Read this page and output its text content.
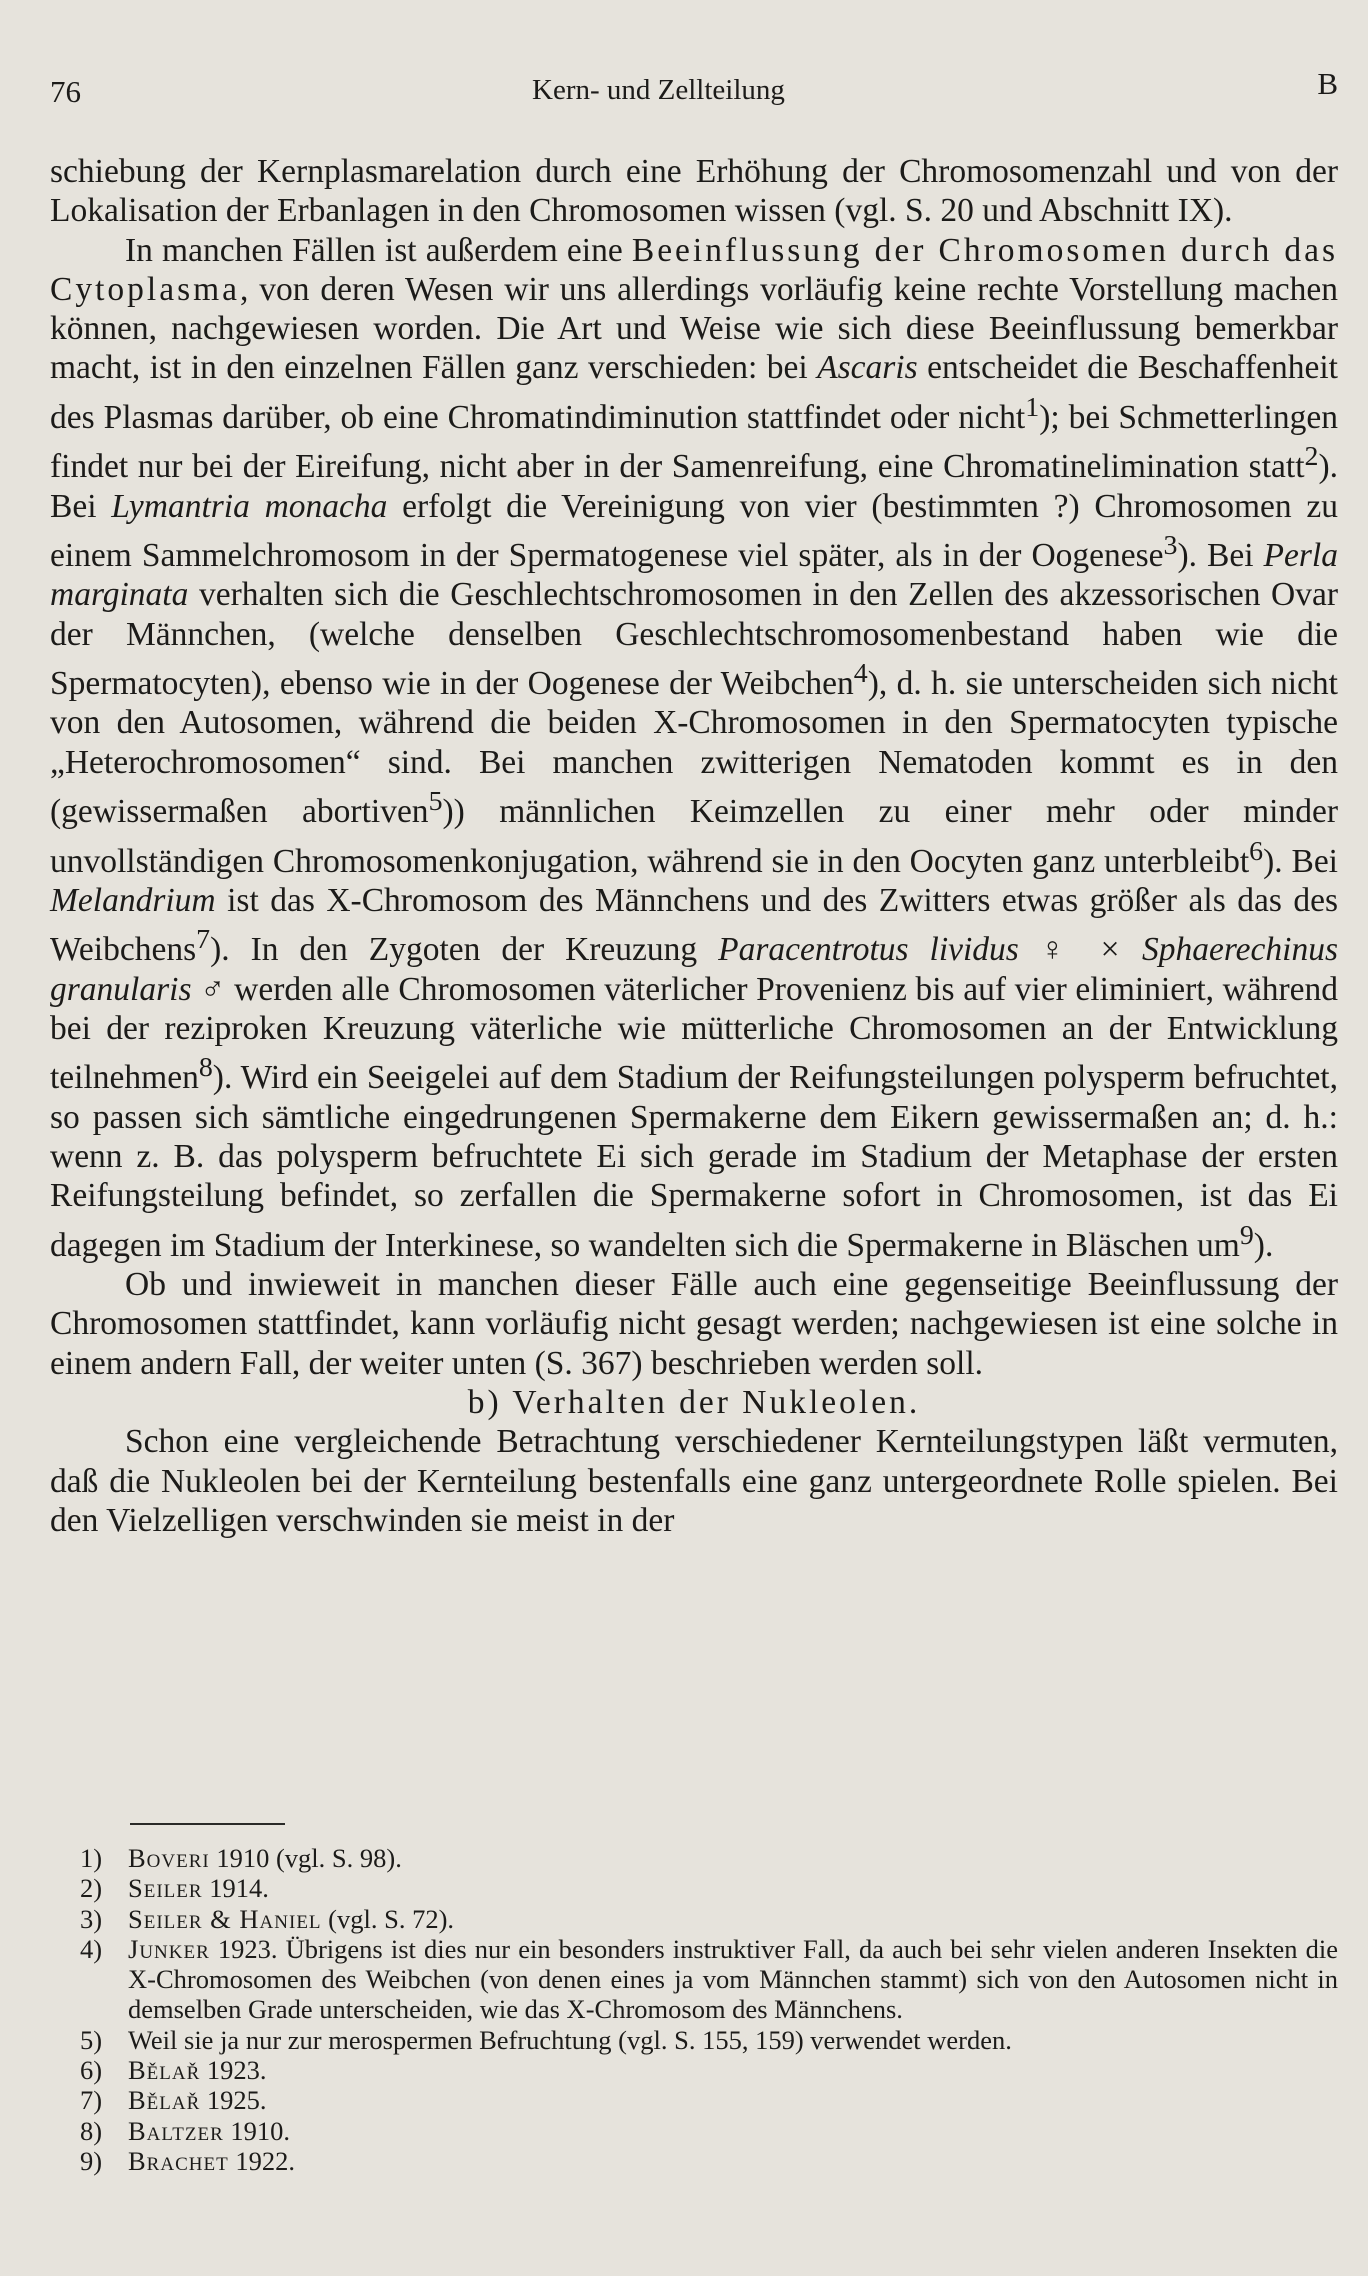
76	Kern- und Zellteilung	B

schiebung der Kernplasmarelation durch eine Erhöhung der Chromosomenzahl und von der Lokalisation der Erbanlagen in den Chromosomen wissen (vgl. S. 20 und Abschnitt IX).

In manchen Fällen ist außerdem eine Beeinflussung der Chromosomen durch das Cytoplasma, von deren Wesen wir uns allerdings vorläufig keine rechte Vorstellung machen können, nachgewiesen worden. Die Art und Weise wie sich diese Beeinflussung bemerkbar macht, ist in den einzelnen Fällen ganz verschieden: bei Ascaris entscheidet die Beschaffenheit des Plasmas darüber, ob eine Chromatindiminution stattfindet oder nicht$^1$); bei Schmetterlingen findet nur bei der Eireifung, nicht aber in der Samenreifung, eine Chromatinelimination statt$^2$). Bei Lymantria monacha erfolgt die Vereinigung von vier (bestimmten ?) Chromosomen zu einem Sammelchromosom in der Spermatogenese viel später, als in der Oogenese$^3$). Bei Perla marginata verhalten sich die Geschlechtschromosomen in den Zellen des akzessorischen Ovar der Männchen, (welche denselben Geschlechtschromosomenbestand haben wie die Spermatocyten), ebenso wie in der Oogenese der Weibchen$^4$), d. h. sie unterscheiden sich nicht von den Autosomen, während die beiden X-Chromosomen in den Spermatocyten typische „Heterochromosomen“ sind. Bei manchen zwitterigen Nematoden kommt es in den (gewissermaßen abortiven$^5$)) männlichen Keimzellen zu einer mehr oder minder unvollständigen Chromosomenkonjugation, während sie in den Oocyten ganz unterbleibt$^6$). Bei Melandrium ist das X-Chromosom des Männchens und des Zwitters etwas größer als das des Weibchens$^7$). In den Zygoten der Kreuzung Paracentrotus lividus ♀ × Sphaerechinus granularis ♂ werden alle Chromosomen väterlicher Provenienz bis auf vier eliminiert, während bei der reziproken Kreuzung väterliche wie mütterliche Chromosomen an der Entwicklung teilnehmen$^8$). Wird ein Seeigelei auf dem Stadium der Reifungsteilungen polysperm befruchtet, so passen sich sämtliche eingedrungenen Spermakerne dem Eikern gewissermaßen an; d. h.: wenn z. B. das polysperm befruchtete Ei sich gerade im Stadium der Metaphase der ersten Reifungsteilung befindet, so zerfallen die Spermakerne sofort in Chromosomen, ist das Ei dagegen im Stadium der Interkinese, so wandelten sich die Spermakerne in Bläschen $um^9$).

Ob und inwieweit in manchen dieser Fälle auch eine gegenseitige Beeinflussung der Chromosomen stattfindet, kann vorläufig nicht gesagt werden; nachgewiesen ist eine solche in einem andern Fall, der weiter unten (S. 367) beschrieben werden soll.

b) Verhalten der Nukleolen.

Schon eine vergleichende Betrachtung verschiedener Kernteilungstypen läßt vermuten, daß die Nukleolen bei der Kernteilung bestenfalls eine ganz untergeordnete Rolle spielen. Bei den Vielzelligen verschwinden sie meist in der

1) Boveri 1910 (vgl. S. 98).

2) Seiler 1914.

3) Seiler & Haniel (vgl. S. 72).

4) Junker 1923. Übrigens ist dies nur ein besonders instruktiver Fall, da auch bei sehr vielen anderen Insekten die X-Chromosomen des Weibchen (von denen eines ja vom Männchen stammt) sich von den Autosomen nicht in demselben Grade unterscheiden, wie das X-Chromosom des Männchens.

5) Weil sie ja nur zur merospermen Befruchtung (vgl. S. 155, 159) verwendet werden.

6) Bělař 1923.

7) Bělař 1925.

8) Baltzer 1910.

9) Brachet 1922.
